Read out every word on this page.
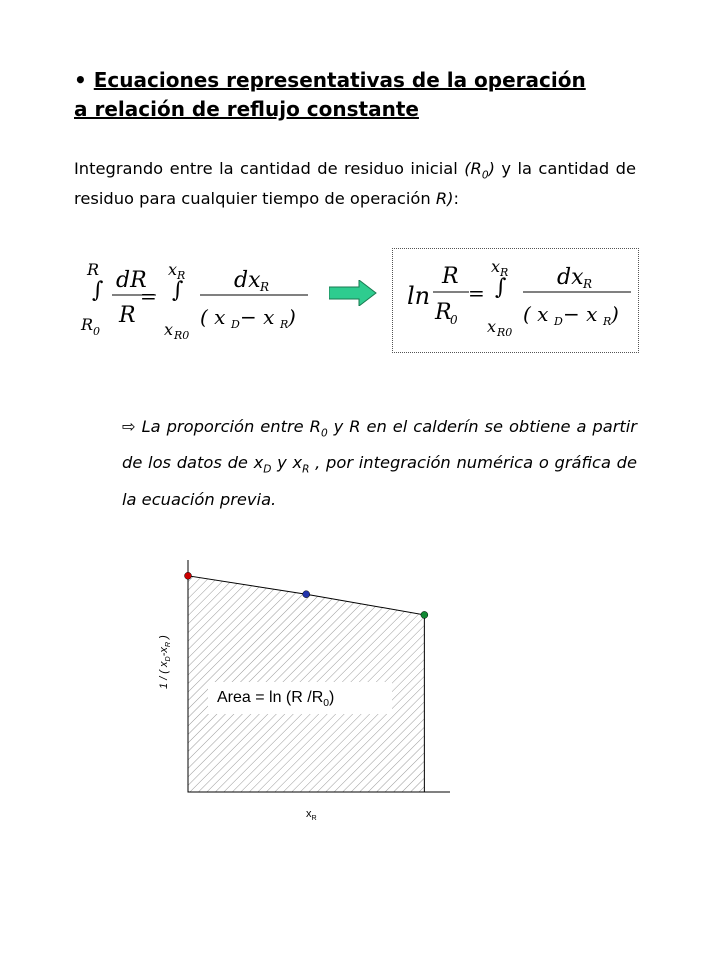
• Ecuaciones representativas de la operación
a relación de reflujo constante
Integrando entre la cantidad de residuo inicial $(R_0)$ y la cantidad de residuo para cualquier tiempo de operación R):
R
∫
R 0
dR
R
=
x R
∫
x R0
dx R
( x D − x R )
ln
R
R
0
=
x R
∫
x R0
dx R
( x D − x R )
⇨ La proporción entre $R_0$ y R en el calderín se obtiene a partir de los datos de $x_D$ y $x_R$ , por integración numérica o gráfica de la ecuación previa.
Area = ln (R $/R_0$)
1 / ( $x_D-x_R$ )
$x_R$
